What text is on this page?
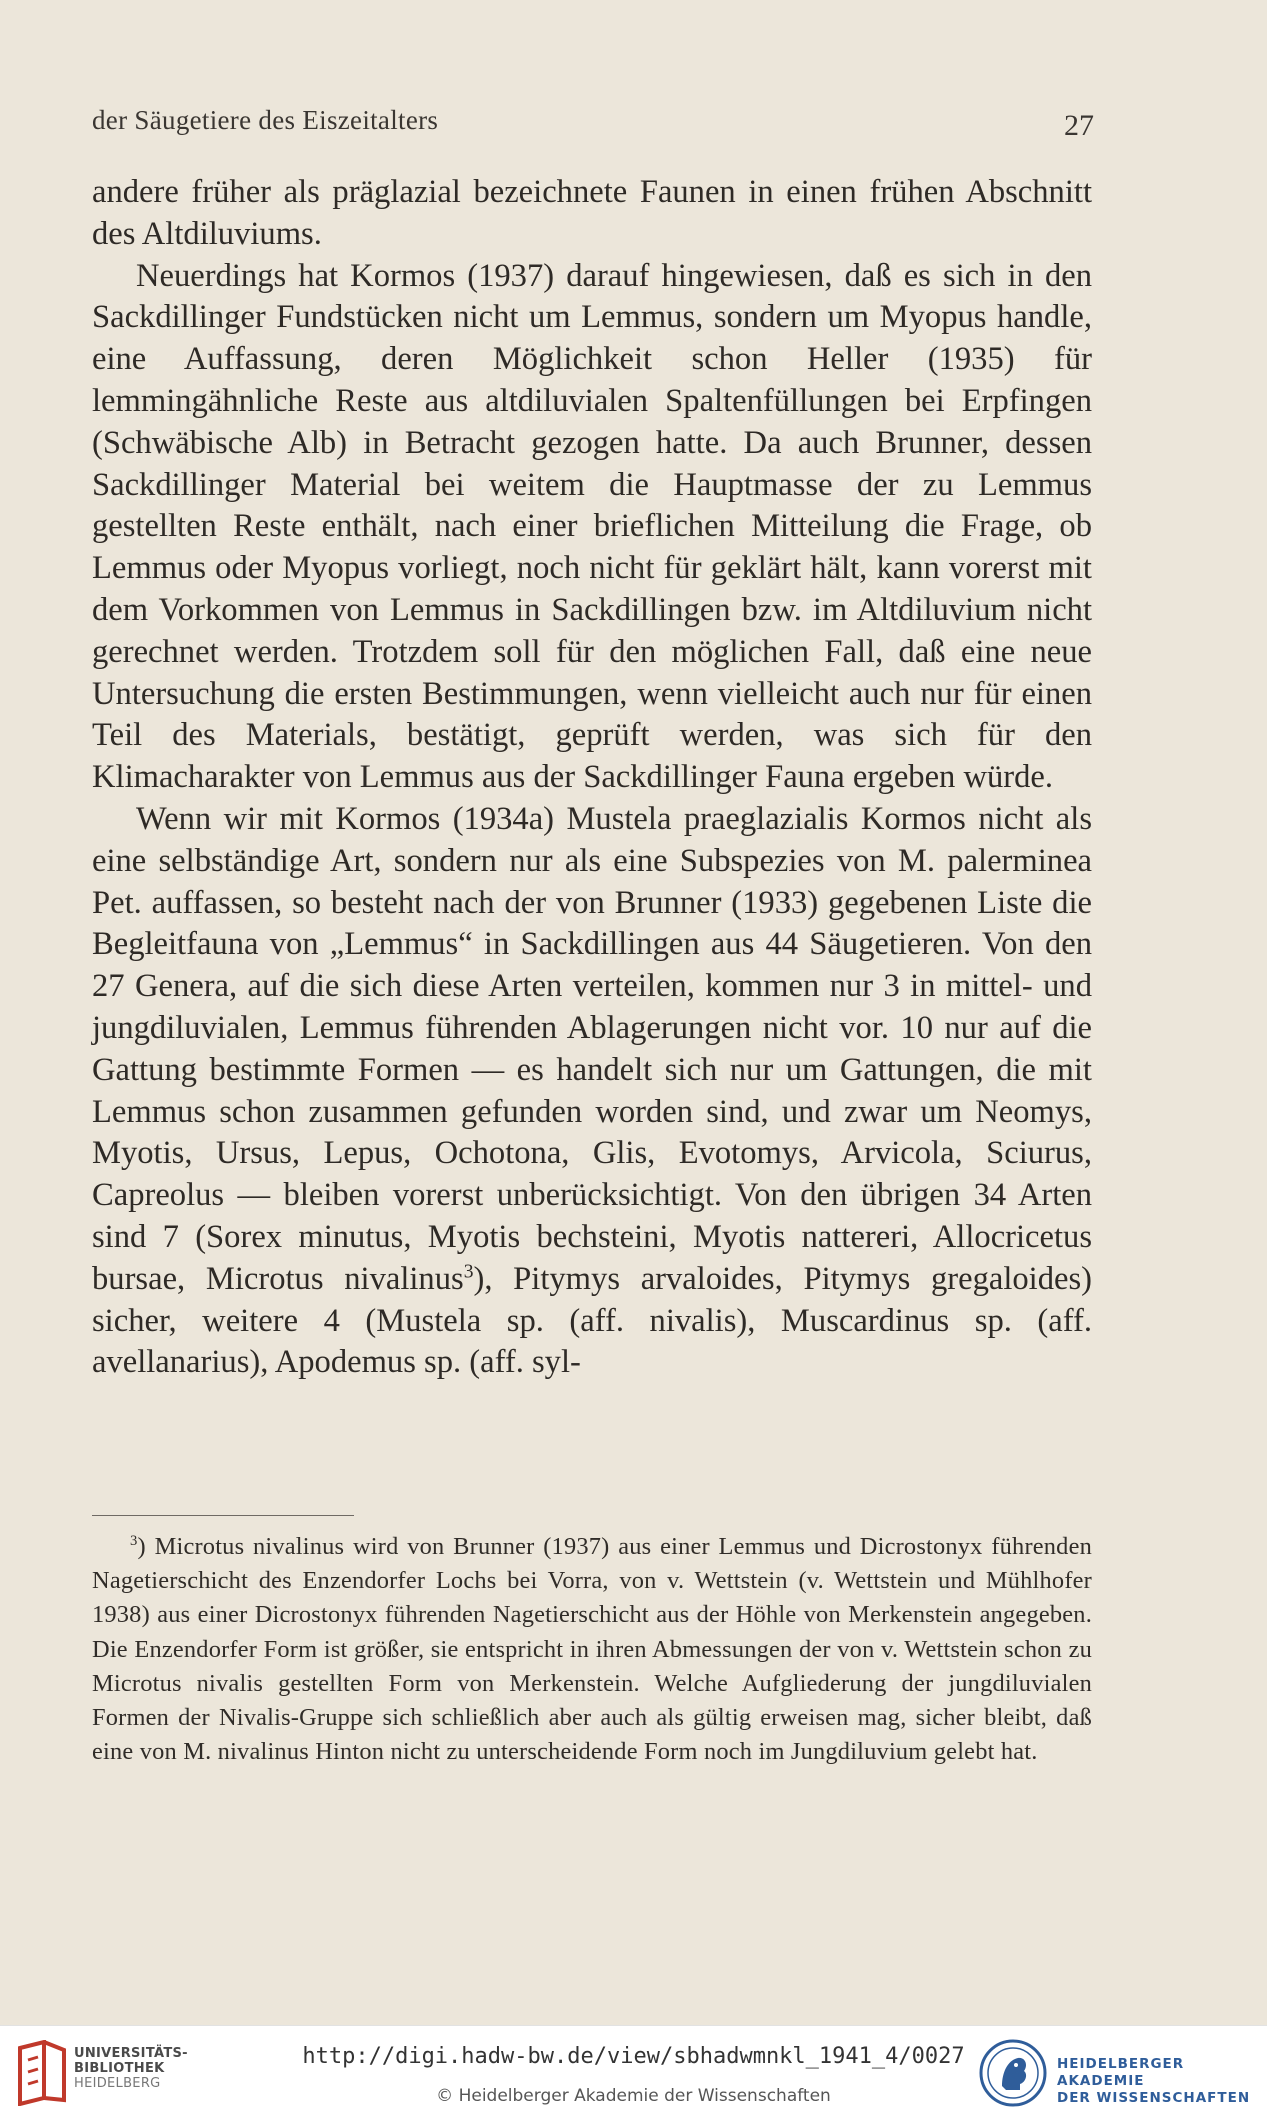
der Säugetiere des Eiszeitalters	27

andere früher als präglazial bezeichnete Faunen in einen frühen Abschnitt des Altdiluviums.

Neuerdings hat Kormos (1937) darauf hingewiesen, daß es sich in den Sackdillinger Fundstücken nicht um Lemmus, sondern um Myopus handle, eine Auffassung, deren Möglichkeit schon Heller (1935) für lemmingähnliche Reste aus altdiluvialen Spaltenfüllungen bei Erpfingen (Schwäbische Alb) in Betracht gezogen hatte. Da auch Brunner, dessen Sackdillinger Material bei weitem die Hauptmasse der zu Lemmus gestellten Reste enthält, nach einer brieflichen Mitteilung die Frage, ob Lemmus oder Myopus vorliegt, noch nicht für geklärt hält, kann vorerst mit dem Vorkommen von Lemmus in Sackdillingen bzw. im Altdiluvium nicht gerechnet werden. Trotzdem soll für den möglichen Fall, daß eine neue Untersuchung die ersten Bestimmungen, wenn vielleicht auch nur für einen Teil des Materials, bestätigt, geprüft werden, was sich für den Klimacharakter von Lemmus aus der Sackdillinger Fauna ergeben würde.

Wenn wir mit Kormos (1934a) Mustela praeglazialis Kormos nicht als eine selbständige Art, sondern nur als eine Subspezies von M. palerminea Pet. auffassen, so besteht nach der von Brunner (1933) gegebenen Liste die Begleitfauna von „Lemmus“ in Sackdillingen aus 44 Säugetieren. Von den 27 Genera, auf die sich diese Arten verteilen, kommen nur 3 in mittel- und jungdiluvialen, Lemmus führenden Ablagerungen nicht vor. 10 nur auf die Gattung bestimmte Formen — es handelt sich nur um Gattungen, die mit Lemmus schon zusammen gefunden worden sind, und zwar um Neomys, Myotis, Ursus, Lepus, Ochotona, Glis, Evotomys, Arvicola, Sciurus, Capreolus — bleiben vorerst unberücksichtigt. Von den übrigen 34 Arten sind 7 (Sorex minutus, Myotis bechsteini, Myotis nattereri, Allocricetus bursae, Microtus nivalinus$^3$), Pitymys arvaloides, Pitymys gregaloides) sicher, weitere 4 (Mustela sp. (aff. nivalis), Muscardinus sp. (aff. avellanarius), Apodemus sp. (aff. syl-

$^3$) Microtus nivalinus wird von Brunner (1937) aus einer Lemmus und Dicrostonyx führenden Nagetierschicht des Enzendorfer Lochs bei Vorra, von v. Wettstein (v. Wettstein und Mühlhofer 1938) aus einer Dicrostonyx führenden Nagetierschicht aus der Höhle von Merkenstein angegeben. Die Enzendorfer Form ist größer, sie entspricht in ihren Abmessungen der von v. Wettstein schon zu Microtus nivalis gestellten Form von Merkenstein. Welche Aufgliederung der jungdiluvialen Formen der Nivalis-Gruppe sich schließlich aber auch als gültig erweisen mag, sicher bleibt, daß eine von M. nivalinus Hinton nicht zu unterscheidende Form noch im Jungdiluvium gelebt hat.

UNIVERSITÄTS-
BIBLIOTHEK
HEIDELBERG
http://digi.hadw-bw.de/view/sbhadwmnkl_1941_4/0027
© Heidelberger Akademie der Wissenschaften
HEIDELBERGER AKADEMIE
DER WISSENSCHAFTEN
